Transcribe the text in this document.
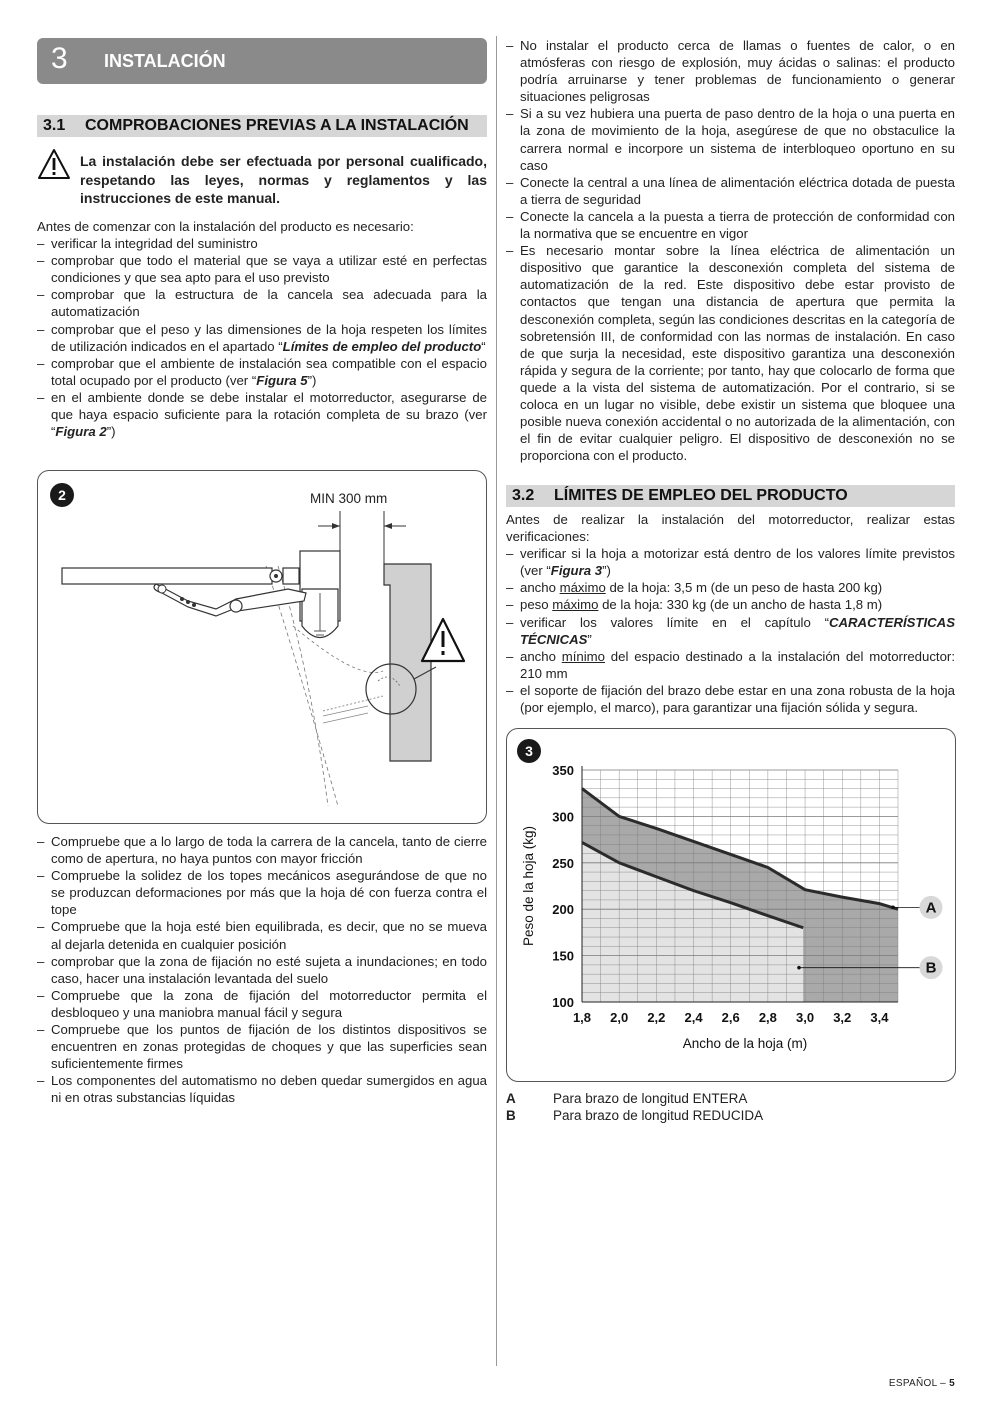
3 INSTALACIÓN
3.1 COMPROBACIONES PREVIAS A LA INSTALACIÓN
La instalación debe ser efectuada por personal cualificado, respetando las leyes, normas y reglamentos y las instrucciones de este manual.

Antes de comenzar con la instalación del producto es necesario:

– verificar la integridad del suministro
– comprobar que todo el material que se vaya a utilizar esté en perfectas condiciones y que sea apto para el uso previsto
– comprobar que la estructura de la cancela sea adecuada para la automatización
– comprobar que el peso y las dimensiones de la hoja respeten los límites de utilización indicados en el apartado “Límites de empleo del producto“
– comprobar que el ambiente de instalación sea compatible con el espacio total ocupado por el producto (ver “Figura 5”)
– en el ambiente donde se debe instalar el motorreductor, asegurarse de que haya espacio suficiente para la rotación completa de su brazo (ver “Figura 2”)
2	MIN 300 mm
– Compruebe que a lo largo de toda la carrera de la cancela, tanto de cierre como de apertura, no haya puntos con mayor fricción
– Compruebe la solidez de los topes mecánicos asegurándose de que no se produzcan deformaciones por más que la hoja dé con fuerza contra el tope
– Compruebe que la hoja esté bien equilibrada, es decir, que no se mueva al dejarla detenida en cualquier posición
– comprobar que la zona de fijación no esté sujeta a inundaciones; en todo caso, hacer una instalación levantada del suelo
– Compruebe que la zona de fijación del motorreductor permita el desbloqueo y una maniobra manual fácil y segura
– Compruebe que los puntos de fijación de los distintos dispositivos se encuentren en zonas protegidas de choques y que las superficies sean suficientemente firmes
– Los componentes del automatismo no deben quedar sumergidos en agua ni en otras substancias líquidas
– No instalar el producto cerca de llamas o fuentes de calor, o en atmósferas con riesgo de explosión, muy ácidas o salinas: el producto podría arruinarse y tener problemas de funcionamiento o generar situaciones peligrosas
– Si a su vez hubiera una puerta de paso dentro de la hoja o una puerta en la zona de movimiento de la hoja, asegúrese de que no obstaculice la carrera normal e incorpore un sistema de interbloqueo oportuno en su caso
– Conecte la central a una línea de alimentación eléctrica dotada de puesta a tierra de seguridad
– Conecte la cancela a la puesta a tierra de protección de conformidad con la normativa que se encuentre en vigor
– Es necesario montar sobre la línea eléctrica de alimentación un dispositivo que garantice la desconexión completa del sistema de automatización de la red. Este dispositivo debe estar provisto de contactos que tengan una distancia de apertura que permita la desconexión completa, según las condiciones descritas en la categoría de sobretensión III, de conformidad con las normas de instalación. En caso de que surja la necesidad, este dispositivo garantiza una desconexión rápida y segura de la corriente; por tanto, hay que colocarlo de forma que quede a la vista del sistema de automatización. Por el contrario, si se coloca en un lugar no visible, debe existir un sistema que bloquee una posible nueva conexión accidental o no autorizada de la alimentación, con el fin de evitar cualquier peligro. El dispositivo de desconexión no se proporciona con el producto.
3.2 LÍMITES DE EMPLEO DEL PRODUCTO

Antes de realizar la instalación del motorreductor, realizar estas verificaciones:

– verificar si la hoja a motorizar está dentro de los valores límite previstos (ver “Figura 3”)
– ancho máximo de la hoja: 3,5 m (de un peso de hasta 200 kg)
– peso máximo de la hoja: 330 kg (de un ancho de hasta 1,8 m)
– verificar los valores límite en el capítulo “CARACTERÍSTICAS TÉCNICAS”
– ancho mínimo del espacio destinado a la instalación del motorreductor: 210 mm
– el soporte de fijación del brazo debe estar en una zona robusta de la hoja (por ejemplo, el marco), para garantizar una fijación sólida y segura.
3
100
150
200
250
300
350
1,8 2,0 2,2 2,4 2,6 2,8 3,0 3,2 3,4
Ancho de la hoja (m)
Peso de la hoja (kg)	A
B
A	Para brazo de longitud ENTERA
B	Para brazo de longitud REDUCIDA
ESPAÑOL – 5
